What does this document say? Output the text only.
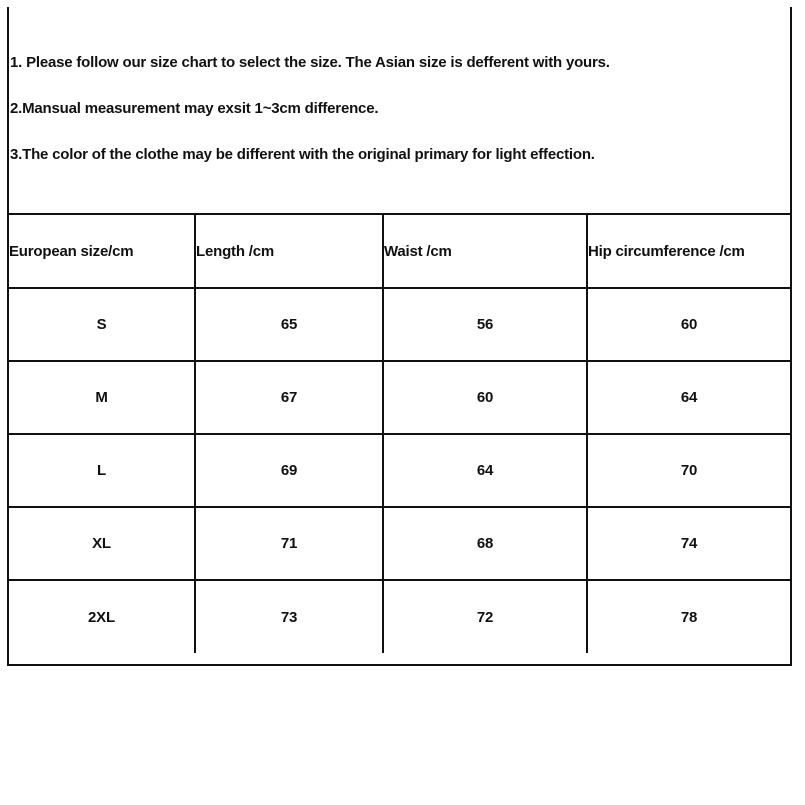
1. Please follow our size chart to select the size. The Asian size is defferent with yours.

2.Mansual measurement may exsit 1~3cm difference.

3.The color of the clothe may be different with the original primary for light effection.

European size/cm	Length /cm	Waist /cm	Hip circumference /cm
S	65	56	60
M	67	60	64
L	69	64	70
XL	71	68	74
2XL	73	72	78
